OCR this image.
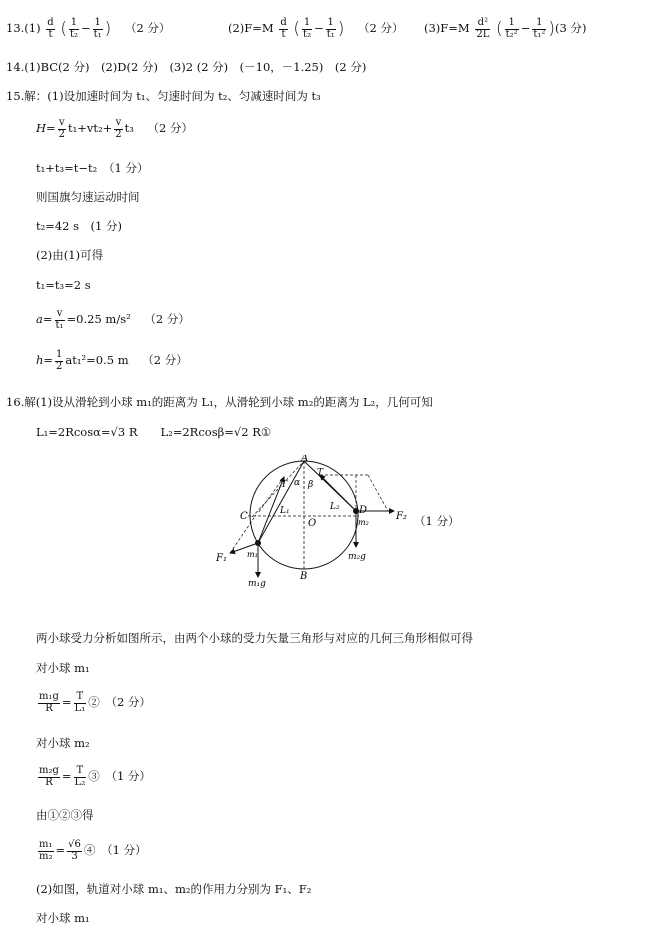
$13.(1) \frac{d}{t}$ ( $\frac{1}{\text{t₂}} - \frac{1}{\text{t₁}}$ ) （2 分）	$(2)F=M \frac{d}{t}$ ( $\frac{1}{\text{t₂}} - \frac{1}{\text{t₁}}$ ) （2 分） $(3)F=M \frac{\text{d²}}{2L}$ ( $\frac{1}{\text{t₂²}} - \frac{1}{\text{t₁²}} )(3$ 分)
14.(1)BC(2 分)　(2)D(2 分)　(3)2 (2 分)　(－10，－1.25)　(2 分)
15.解：(1)设加速时间为 t₁、匀速时间为 t₂、匀减速时间为 t₃
$H= \frac{v}{2} t_1+vt_2+ \frac{v}{2} t_3$ （2 分）
t₁+t₃=t−t₂　（1 分）
则国旗匀速运动时间
t₂=42 s　(1 分)
(2)由(1)可得
t₁=t₃=2 s
$a= \frac{v}{\text{t₁}} =0.25$ m/s² （2 分）
$h= \frac{1}{2} at_1^2=0.5$ m （2 分）
16.解(1)设从滑轮到小球 m₁的距离为 L₁，从滑轮到小球 m₂的距离为 L₂，几何可知
L₁=2Rcosα=√3 R　　L₂=2Rcosβ=√2 R①
A
B
C
D
O
T
T
α β
L₁	L₂
F₁
F₂
m₁
m₂
m₁g
m₂g
（1 分）
两小球受力分析如图所示，由两个小球的受力矢量三角形与对应的几何三角形相似可得
对小球 m₁
$\frac{\text{m₁g}}{R} = \frac{T}{\text{L₁}}$ ②　（2 分）
对小球 m₂
$\frac{\text{m₂g}}{R} = \frac{T}{\text{L₂}}$ ③　（1 分）
由①②③得
$\frac{\text{m₁}}{\text{m₂}} = \frac{√6}{3}$ ④　（1 分）
(2)如图，轨道对小球 m₁、m₂的作用力分别为 F₁、F₂
对小球 m₁
